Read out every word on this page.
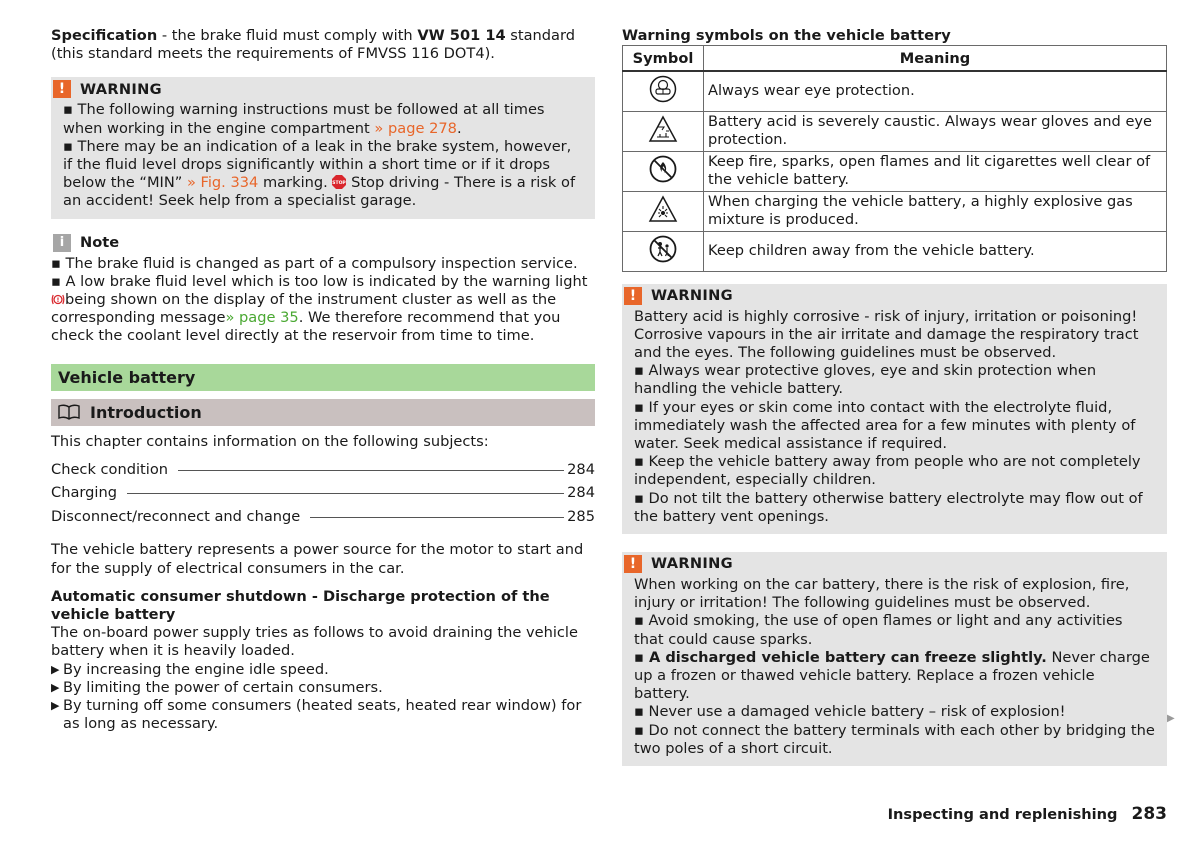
Specification - the brake fluid must comply with VW 501 14 standard (this standard meets the requirements of FMVSS 116 DOT4).

!	WARNING

▪ The following warning instructions must be followed at all times when working in the engine compartment » page 278.

▪ There may be an indication of a leak in the brake system, however, if the fluid level drops significantly within a short time or if it drops below the “MIN” » Fig. 334 marking. STOP Stop driving - There is a risk of an accident! Seek help from a specialist garage.

i	Note

▪ The brake fluid is changed as part of a compulsory inspection service.

▪ A low brake fluid level which is too low is indicated by the warning light

! being shown on the display of the instrument cluster as well as the corresponding message» page 35. We therefore recommend that you check the coolant level directly at the reservoir from time to time.

Vehicle battery
Introduction

This chapter contains information on the following subjects:

Check condition	284
Charging	284
Disconnect/reconnect and change	285

The vehicle battery represents a power source for the motor to start and for the supply of electrical consumers in the car.

Automatic consumer shutdown - Discharge protection of the vehicle battery

The on-board power supply tries as follows to avoid draining the vehicle battery when it is heavily loaded.

▶ By increasing the engine idle speed.
▶ By limiting the power of certain consumers.
▶ By turning off some consumers (heated seats, heated rear window) for as long as necessary.

Warning symbols on the vehicle battery

Symbol	Meaning
	Always wear eye protection.
	Battery acid is severely caustic. Always wear gloves and eye protection.
	Keep fire, sparks, open flames and lit cigarettes well clear of the vehicle battery.
	When charging the vehicle battery, a highly explosive gas mixture is produced.
	Keep children away from the vehicle battery.
!	WARNING

Battery acid is highly corrosive - risk of injury, irritation or poisoning! Corrosive vapours in the air irritate and damage the respiratory tract and the eyes. The following guidelines must be observed.

▪ Always wear protective gloves, eye and skin protection when handling the vehicle battery.

▪ If your eyes or skin come into contact with the electrolyte fluid, immediately wash the affected area for a few minutes with plenty of water. Seek medical assistance if required.

▪ Keep the vehicle battery away from people who are not completely independent, especially children.

▪ Do not tilt the battery otherwise battery electrolyte may flow out of the battery vent openings.

!	WARNING

When working on the car battery, there is the risk of explosion, fire, injury or irritation! The following guidelines must be observed.

▪ Avoid smoking, the use of open flames or light and any activities that could cause sparks.

▪ A discharged vehicle battery can freeze slightly. Never charge up a frozen or thawed vehicle battery. Replace a frozen vehicle battery.

▪ Never use a damaged vehicle battery – risk of explosion!

▪ Do not connect the battery terminals with each other by bridging the two poles of a short circuit.

▶
Inspecting and replenishing 283
